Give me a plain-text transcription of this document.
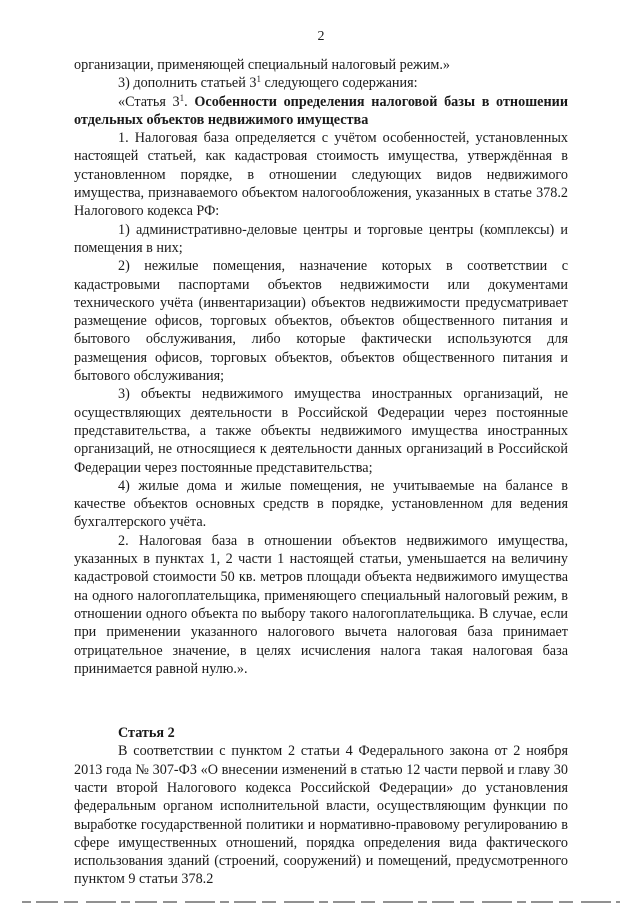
2

организации, применяющей специальный налоговый режим.»

3) дополнить статьей $3^1$ следующего содержания:

«Статья $3^1$. Особенности определения налоговой базы в отношении отдельных объектов недвижимого имущества

1. Налоговая база определяется с учётом особенностей, установленных настоящей статьей, как кадастровая стоимость имущества, утверждённая в установленном порядке, в отношении следующих видов недвижимого имущества, признаваемого объектом налогообложения, указанных в статье 378.2 Налогового кодекса РФ:

1) административно-деловые центры и торговые центры (комплексы) и помещения в них;

2) нежилые помещения, назначение которых в соответствии с кадастровыми паспортами объектов недвижимости или документами технического учёта (инвентаризации) объектов недвижимости предусматривает размещение офисов, торговых объектов, объектов общественного питания и бытового обслуживания, либо которые фактически используются для размещения офисов, торговых объектов, объектов общественного питания и бытового обслуживания;

3) объекты недвижимого имущества иностранных организаций, не осуществляющих деятельности в Российской Федерации через постоянные представительства, а также объекты недвижимого имущества иностранных организаций, не относящиеся к деятельности данных организаций в Российской Федерации через постоянные представительства;

4) жилые дома и жилые помещения, не учитываемые на балансе в качестве объектов основных средств в порядке, установленном для ведения бухгалтерского учёта.

2. Налоговая база в отношении объектов недвижимого имущества, указанных в пунктах 1, 2 части 1 настоящей статьи, уменьшается на величину кадастровой стоимости 50 кв. метров площади объекта недвижимого имущества на одного налогоплательщика, применяющего специальный налоговый режим, в отношении одного объекта по выбору такого налогоплательщика. В случае, если при применении указанного налогового вычета налоговая база принимает отрицательное значение, в целях исчисления налога такая налоговая база принимается равной нулю.».

Статья 2

В соответствии с пунктом 2 статьи 4 Федерального закона от 2 ноября 2013 года № 307-ФЗ «О внесении изменений в статью 12 части первой и главу 30 части второй Налогового кодекса Российской Федерации» до установления федеральным органом исполнительной власти, осуществляющим функции по выработке государственной политики и нормативно-правовому регулированию в сфере имущественных отношений, порядка определения вида фактического использования зданий (строений, сооружений) и помещений, предусмотренного пунктом 9 статьи 378.2
